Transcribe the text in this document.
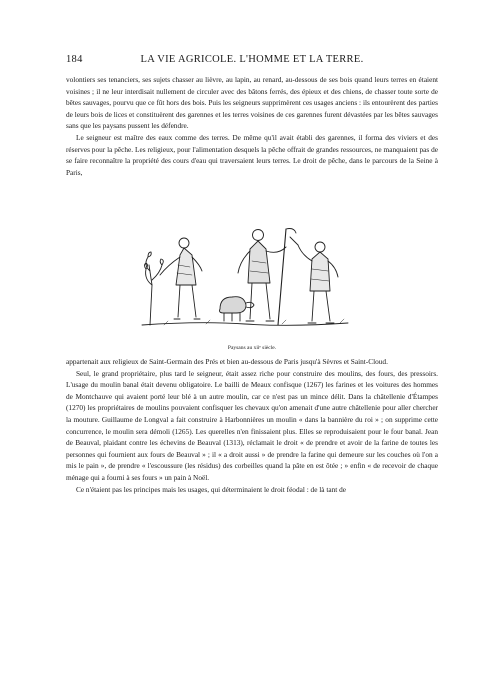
184	LA VIE AGRICOLE. L'HOMME ET LA TERRE.

volontiers ses tenanciers, ses sujets chasser au lièvre, au lapin, au renard, au-dessous de ses bois quand leurs terres en étaient voisines ; il ne leur interdisait nullement de circuler avec des bâtons ferrés, des épieux et des chiens, de chasser toute sorte de bêtes sauvages, pourvu que ce fût hors des bois. Puis les seigneurs supprimèrent ces usages anciens : ils entourèrent des parties de leurs bois de lices et constituèrent des garennes et les terres voisines de ces garennes furent dévastées par les bêtes sauvages sans que les paysans pussent les défendre.

Le seigneur est maître des eaux comme des terres. De même qu'il avait établi des garennes, il forma des viviers et des réserves pour la pêche. Les religieux, pour l'alimentation desquels la pêche offrait de grandes ressources, ne manquaient pas de se faire reconnaître la propriété des cours d'eau qui traversaient leurs terres. Le droit de pêche, dans le parcours de la Seine à Paris,

Paysans au xiiᵉ siècle.

appartenait aux religieux de Saint-Germain des Prés et bien au-dessous de Paris jusqu'à Sèvres et Saint-Cloud.

Seul, le grand propriétaire, plus tard le seigneur, était assez riche pour construire des moulins, des fours, des pressoirs. L'usage du moulin banal était devenu obligatoire. Le bailli de Meaux confisque (1267) les farines et les voitures des hommes de Montchauve qui avaient porté leur blé à un autre moulin, car ce n'est pas un mince délit. Dans la châtellenie d'Étampes (1270) les propriétaires de moulins pouvaient confisquer les chevaux qu'on amenait d'une autre châtellenie pour aller chercher la mouture. Guillaume de Longval a fait construire à Harbonnières un moulin « dans la bannière du roi » ; on supprime cette concurrence, le moulin sera démoli (1265). Les querelles n'en finissaient plus. Elles se reproduisaient pour le four banal. Jean de Beauval, plaidant contre les échevins de Beauval (1313), réclamait le droit « de prendre et avoir de la farine de toutes les personnes qui fournient aux fours de Beauval » ; il « a droit aussi » de prendre la farine qui demeure sur les couches où l'on a mis le pain », de prendre « l'escoussure (les résidus) des corbeilles quand la pâte en est ôtée ; » enfin « de recevoir de chaque ménage qui a fourni à ses fours » un pain à Noël.

Ce n'étaient pas les principes mais les usages, qui déterminaient le droit féodal : de là tant de
